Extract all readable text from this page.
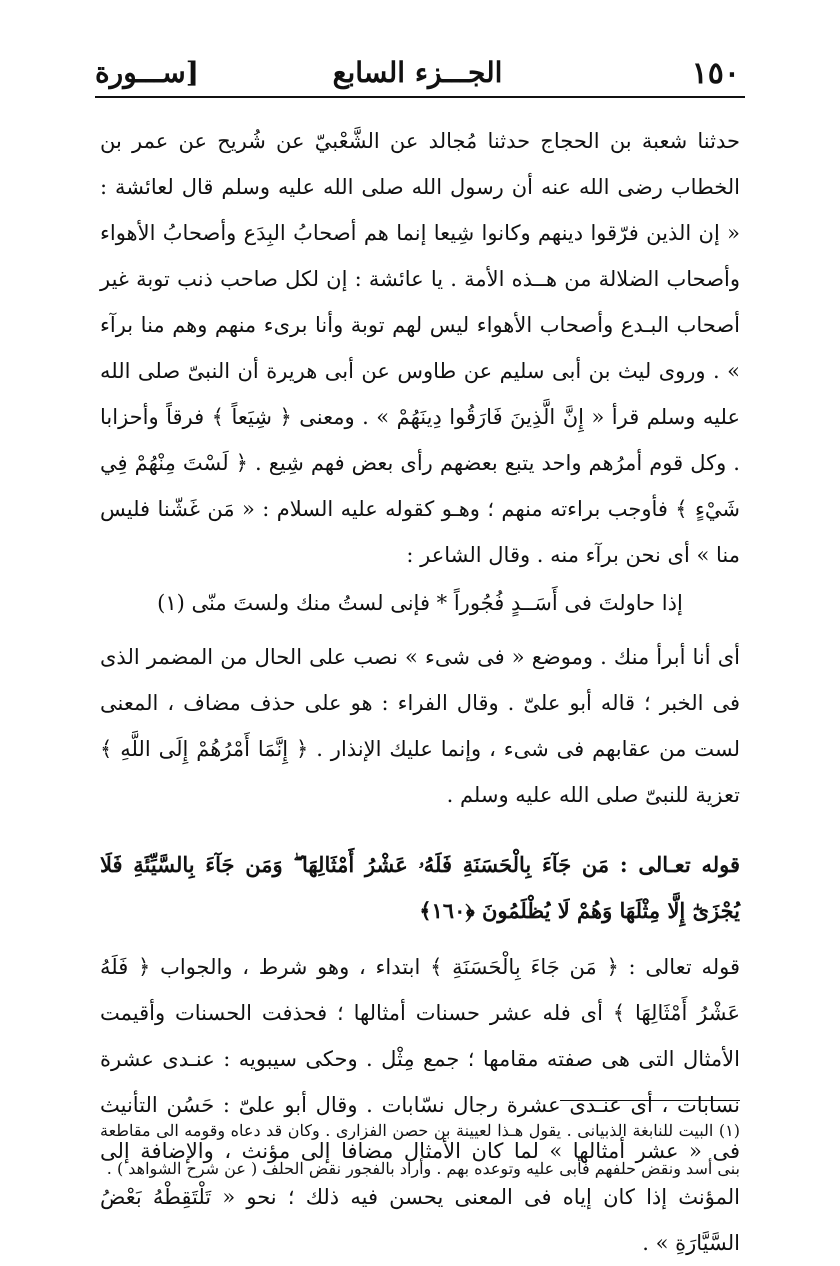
١٥٠
الجـــزء السابع
[ســـورة

حدثنا شعبة بن الحجاج حدثنا مُجالد عن الشَّعْبيّ عن شُريح عن عمر بن الخطاب رضى الله عنه أن رسول الله صلى الله عليه وسلم قال لعائشة : « إن الذين فرّقوا دينهم وكانوا شِيعا إنما هم أصحابُ البِدَع وأصحابُ الأهواء وأصحاب الضلالة من هــذه الأمة . يا عائشة : إن لكل صاحب ذنب توبة غير أصحاب البـدع وأصحاب الأهواء ليس لهم توبة وأنا برىء منهم وهم منا برآء » . وروى ليث بن أبى سليم عن طاوس عن أبى هريرة أن النبىّ صلى الله عليه وسلم قرأ « إِنَّ الَّذِينَ فَارَقُوا دِينَهُمْ » . ومعنى ﴿ شِيَعاً ﴾ فرقاً وأحزابا . وكل قوم أمرُهم واحد يتبع بعضهم رأى بعض فهم شِيع . ﴿ لَسْتَ مِنْهُمْ فِي شَيْءٍ ﴾ فأوجب براءته منهم ؛ وهـو كقوله عليه السلام : « مَن غَشّنا فليس منا » أى نحن برآء منه . وقال الشاعر :

إذا حاولتَ فى أَسَــدٍ فُجُوراً * فإنى لستُ منك ولستَ منّى (١)

أى أنا أبرأ منك . وموضع « فى شىء » نصب على الحال من المضمر الذى فى الخبر ؛ قاله أبو علىّ . وقال الفراء : هو على حذف مضاف ، المعنى لست من عقابهم فى شىء ، وإنما عليك الإنذار . ﴿ إِنَّمَا أَمْرُهُمْ إِلَى اللَّهِ ﴾ تعزية للنبىّ صلى الله عليه وسلم .

قوله تعـالى : مَن جَآءَ بِالْحَسَنَةِ فَلَهُۥ عَشْرُ أَمْثَالِهَا ۖ وَمَن جَآءَ بِالسَّيِّئَةِ فَلَا يُجْزَىٰٓ إِلَّا مِثْلَهَا وَهُمْ لَا يُظْلَمُونَ ﴿١٦٠﴾

قوله تعالى : ﴿ مَن جَاءَ بِالْحَسَنَةِ ﴾ ابتداء ، وهو شرط ، والجواب ﴿ فَلَهُ عَشْرُ أَمْثَالِهَا ﴾ أى فله عشر حسنات أمثالها ؛ فحذفت الحسنات وأقيمت الأمثال التى هى صفته مقامها ؛ جمع مِثْل . وحكى سيبويه : عنـدى عشرة نسابات ، أى عنـدى عشرة رجال نسّابات . وقال أبو علىّ : حَسُن التأنيث فى « عشر أمثالها » لما كان الأمثال مضافا إلى مؤنث ، والإضافة إلى المؤنث إذا كان إياه فى المعنى يحسن فيه ذلك ؛ نحو « تَلْتَقِطْهُ بَعْضُ السَّيَّارَةِ » .

(١) البيت للنابغة الذبيانى . يقول هـذا لعيينة بن حصن الفزارى . وكان قد دعاه وقومه الى مقاطعة بنى أسد ونقض حلفهم فأبى عليه وتوعده بهم . وأراد بالفجور نقض الحلف ( عن شرح الشواهد ) .
